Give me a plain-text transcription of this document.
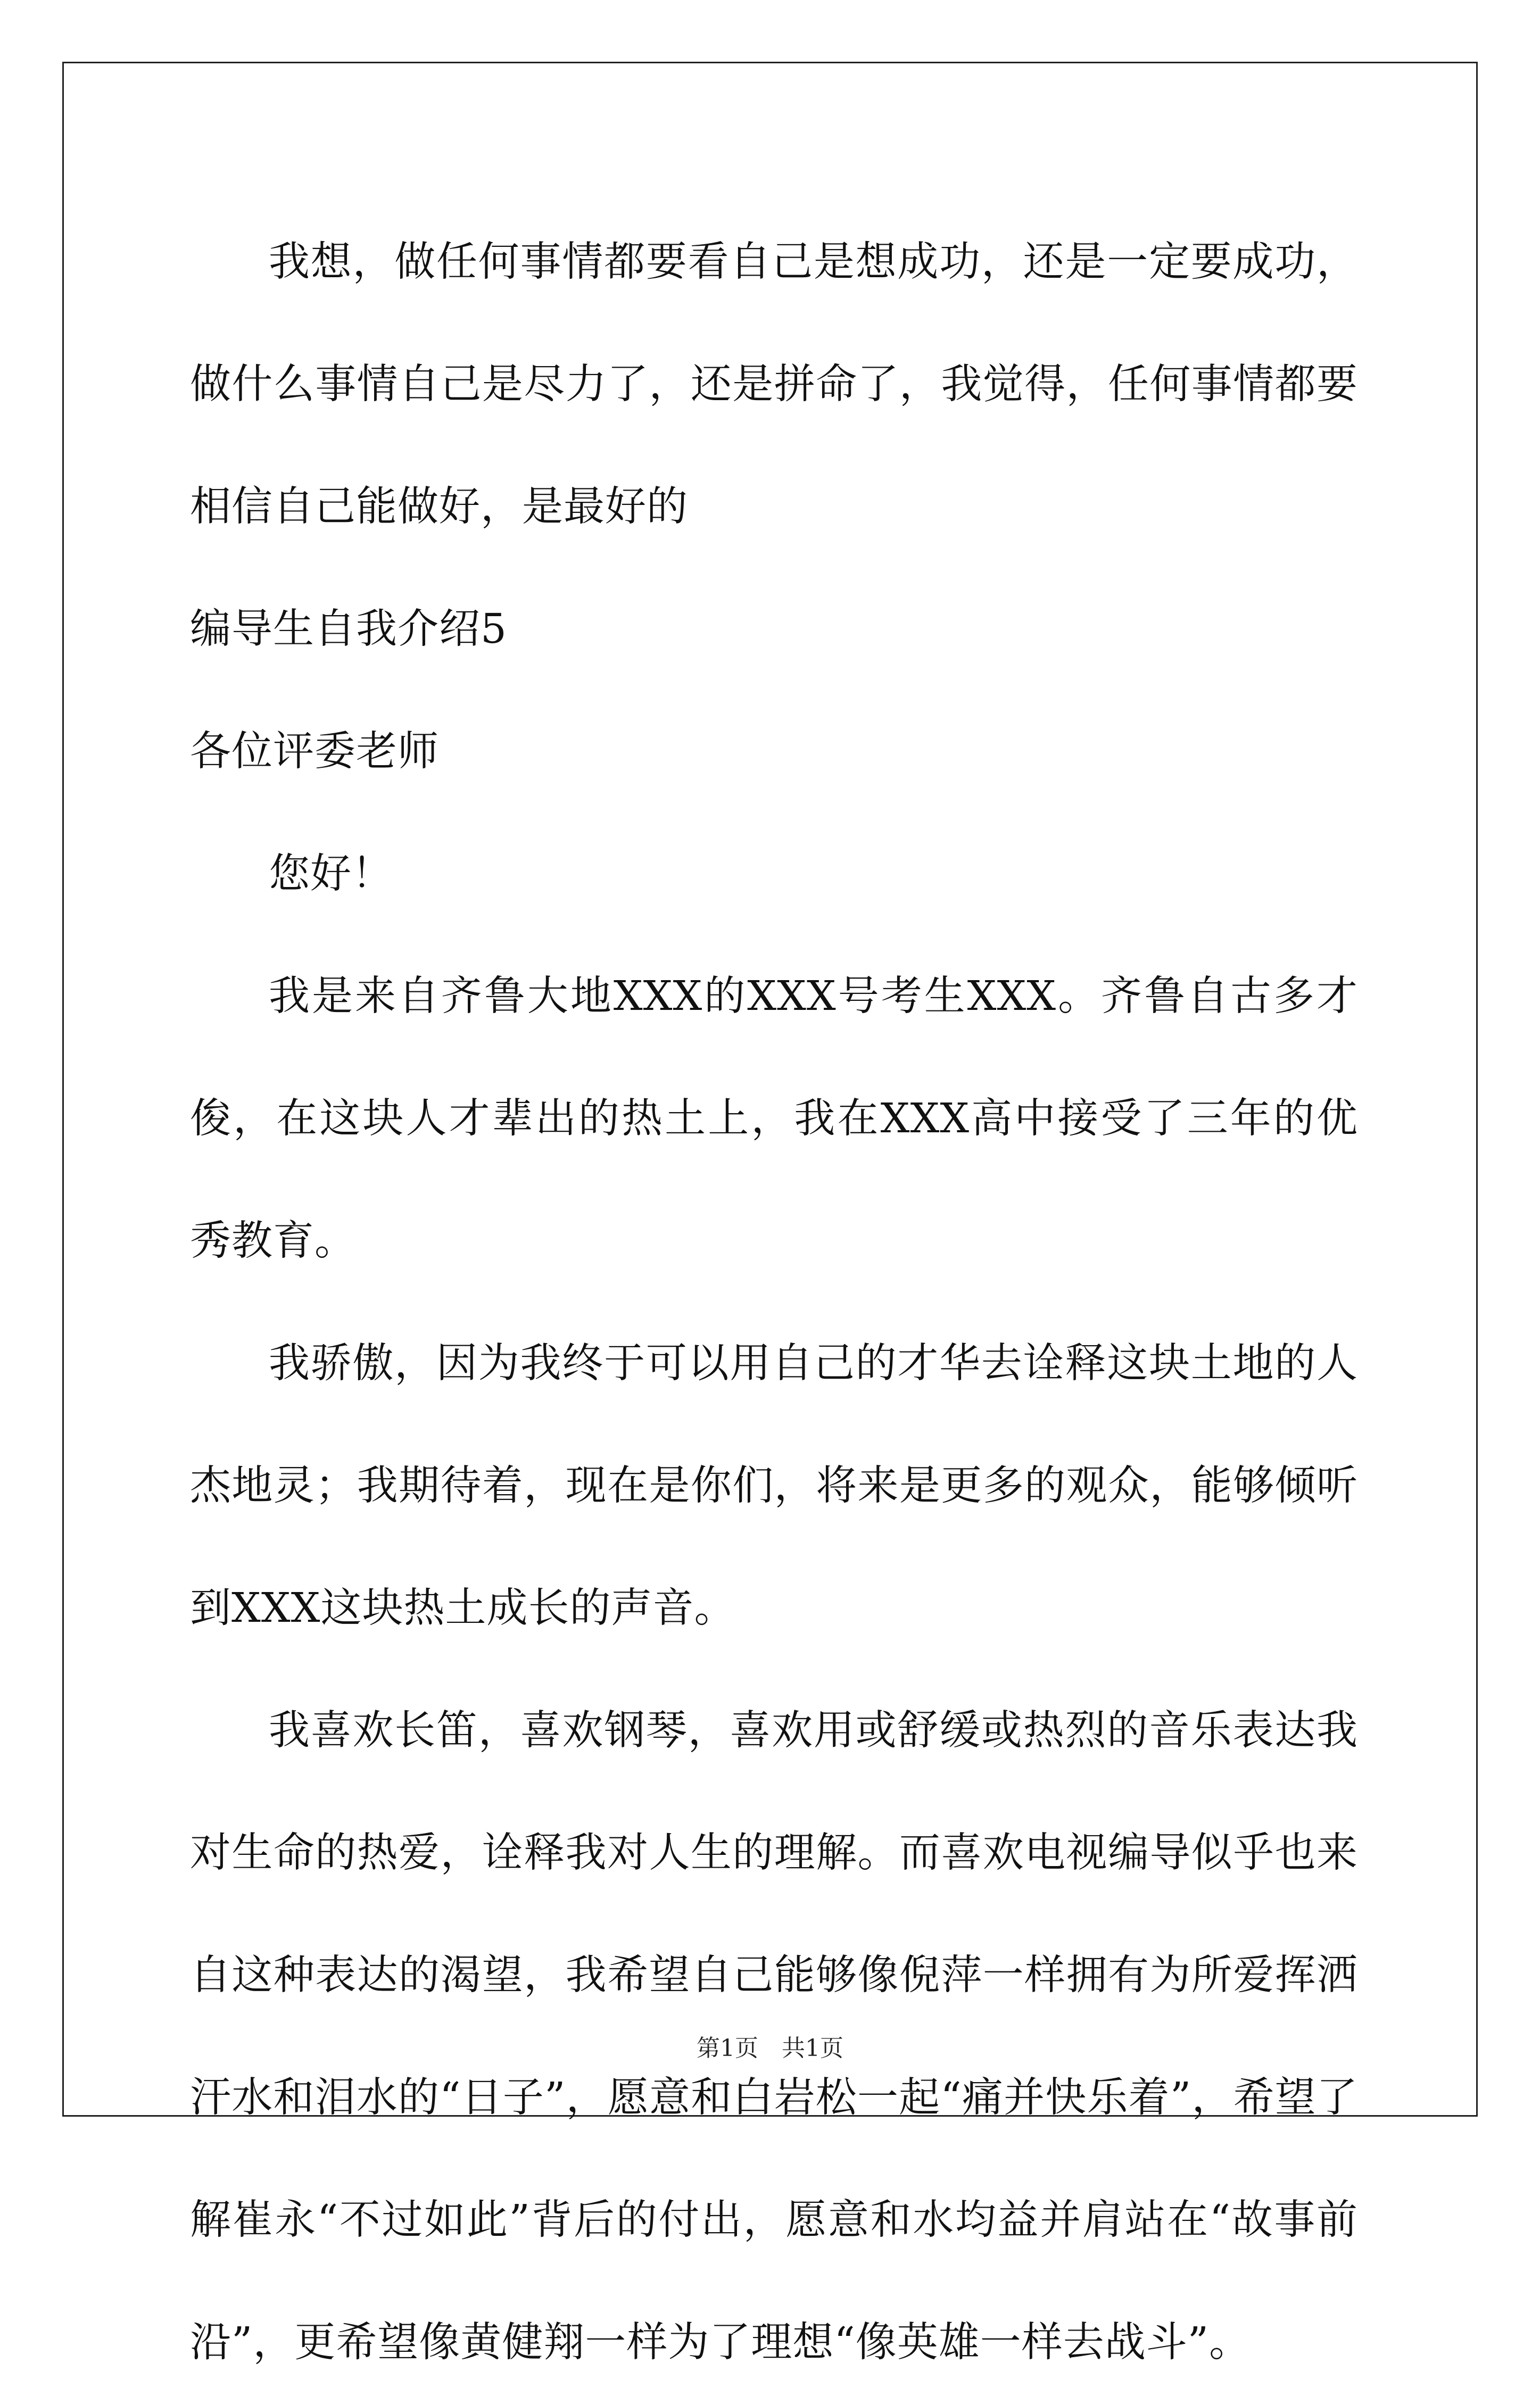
我想，做任何事情都要看自己是想成功，还是一定要成功，做什么事情自己是尽力了，还是拼命了，我觉得，任何事情都要相信自己能做好，是最好的

编导生自我介绍5

各位评委老师

您好！

我是来自齐鲁大地XXX的XXX号考生XXX。齐鲁自古多才俊，在这块人才辈出的热土上，我在XXX高中接受了三年的优秀教育。

我骄傲，因为我终于可以用自己的才华去诠释这块土地的人杰地灵；我期待着，现在是你们，将来是更多的观众，能够倾听到XXX这块热土成长的声音。

我喜欢长笛，喜欢钢琴，喜欢用或舒缓或热烈的音乐表达我对生命的热爱，诠释我对人生的理解。而喜欢电视编导似乎也来自这种表达的渴望，我希望自己能够像倪萍一样拥有为所爱挥洒汗水和泪水的“日子”，愿意和白岩松一起“痛并快乐着”，希望了解崔永“不过如此”背后的付出，愿意和水均益并肩站在“故事前沿”，更希望像黄健翔一样为了理想“像英雄一样去战斗”。

第1页　共1页
